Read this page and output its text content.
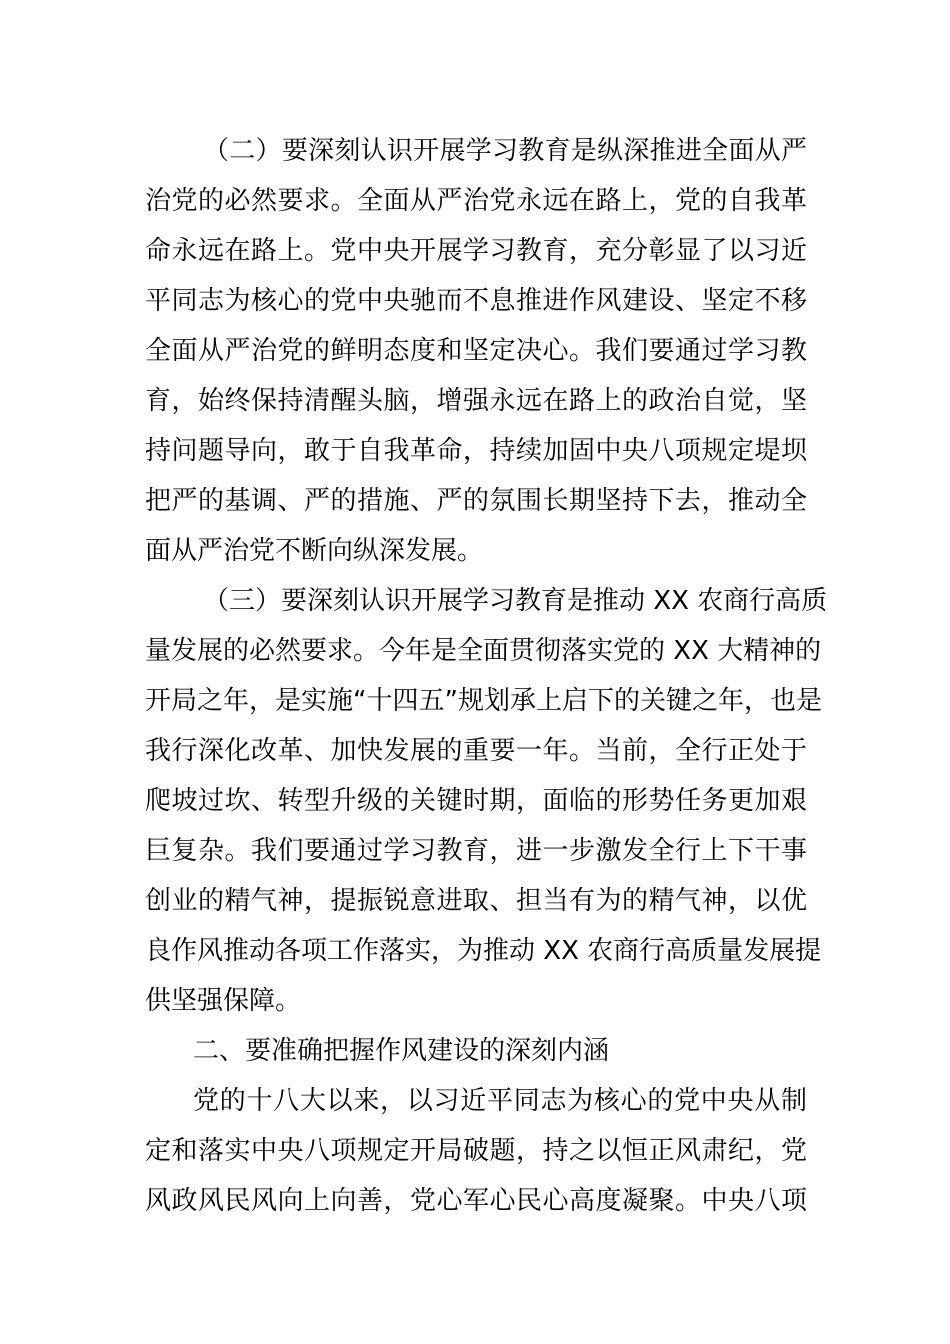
（二）要深刻认识开展学习教育是纵深推进全面从严

治党的必然要求。全面从严治党永远在路上，党的自我革

命永远在路上。党中央开展学习教育，充分彰显了以习近

平同志为核心的党中央驰而不息推进作风建设、坚定不移

全面从严治党的鲜明态度和坚定决心。我们要通过学习教

育，始终保持清醒头脑，增强永远在路上的政治自觉，坚

持问题导向，敢于自我革命，持续加固中央八项规定堤坝

把严的基调、严的措施、严的氛围长期坚持下去，推动全

面从严治党不断向纵深发展。

（三）要深刻认识开展学习教育是推动 XX 农商行高质

量发展的必然要求。今年是全面贯彻落实党的 XX 大精神的

开局之年，是实施“十四五”规划承上启下的关键之年，也是

我行深化改革、加快发展的重要一年。当前，全行正处于

爬坡过坎、转型升级的关键时期，面临的形势任务更加艰

巨复杂。我们要通过学习教育，进一步激发全行上下干事

创业的精气神，提振锐意进取、担当有为的精气神，以优

良作风推动各项工作落实，为推动 XX 农商行高质量发展提

供坚强保障。

二、要准确把握作风建设的深刻内涵

党的十八大以来，以习近平同志为核心的党中央从制

定和落实中央八项规定开局破题，持之以恒正风肃纪，党

风政风民风向上向善，党心军心民心高度凝聚。中央八项
